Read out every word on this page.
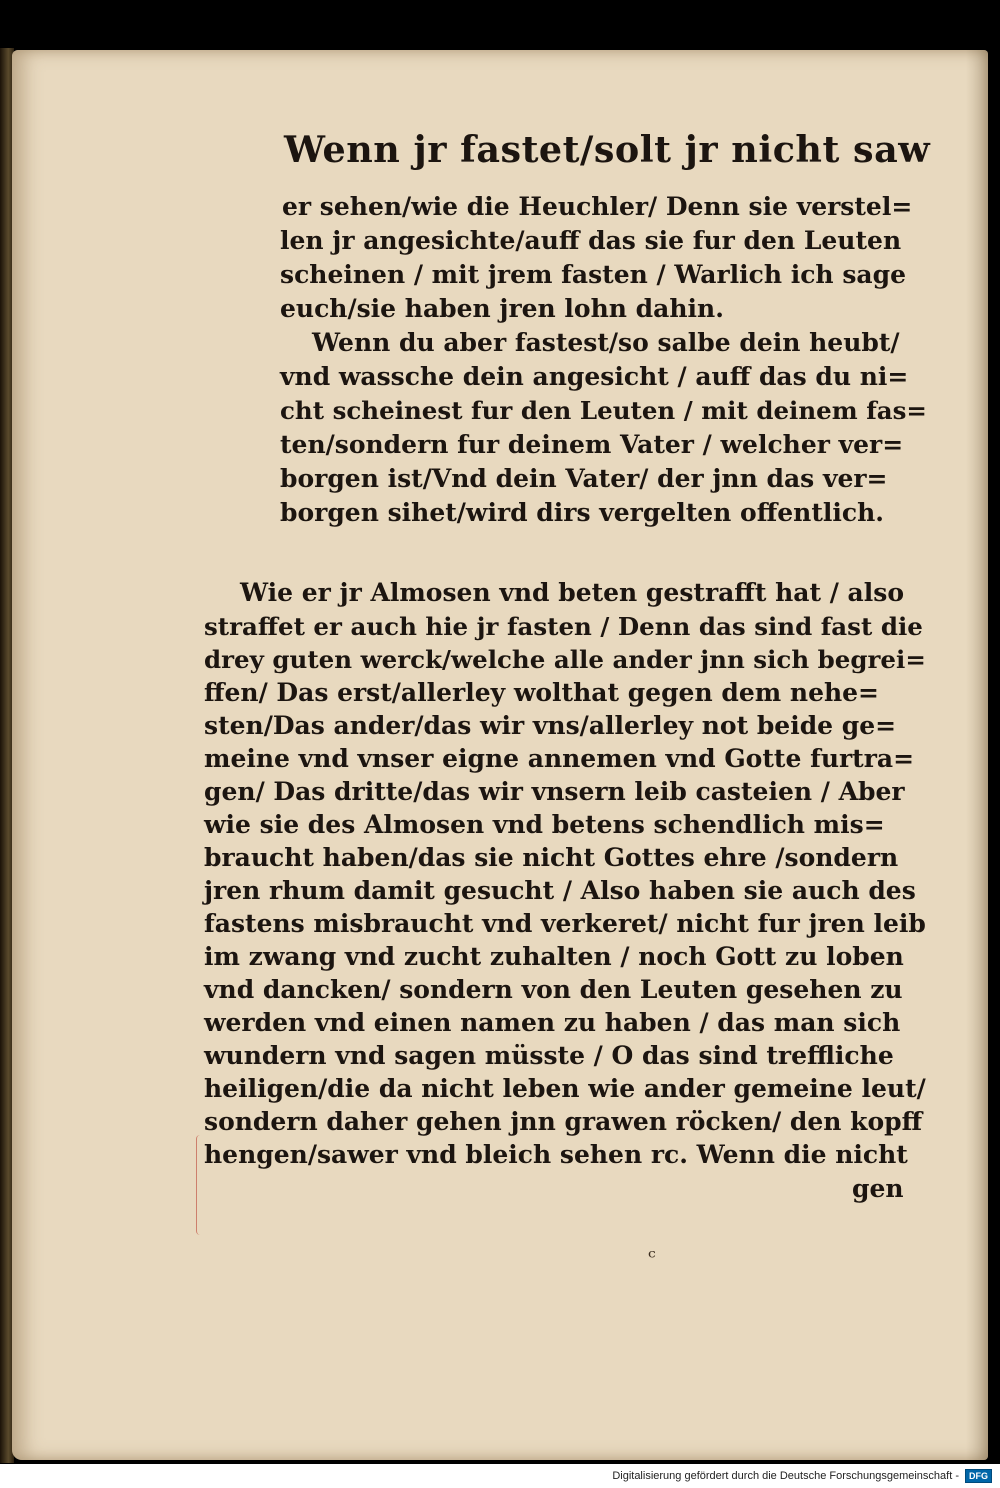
Wenn jr fastet/solt jr nicht saw
er sehen/wie die Heuchler/ Denn sie verstel=
len jr angesichte/auff das sie fur den Leuten
scheinen / mit jrem fasten / Warlich ich sage
euch/sie haben jren lohn dahin.
Wenn du aber fastest/so salbe dein heubt/
vnd wassche dein angesicht / auff das du ni=
cht scheinest fur den Leuten / mit deinem fas=
ten/sondern fur deinem Vater / welcher ver=
borgen ist/Vnd dein Vater/ der jnn das ver=
borgen sihet/wird dirs vergelten offentlich.
Wie er jr Almosen vnd beten gestrafft hat / also
straffet er auch hie jr fasten / Denn das sind fast die
drey guten werck/welche alle ander jnn sich begrei=
ffen/ Das erst/allerley wolthat gegen dem nehe=
sten/Das ander/das wir vns/allerley not beide ge=
meine vnd vnser eigne annemen vnd Gotte furtra=
gen/ Das dritte/das wir vnsern leib casteien / Aber
wie sie des Almosen vnd betens schendlich mis=
braucht haben/das sie nicht Gottes ehre /sondern
jren rhum damit gesucht / Also haben sie auch des
fastens misbraucht vnd verkeret/ nicht fur jren leib
im zwang vnd zucht zuhalten / noch Gott zu loben
vnd dancken/ sondern von den Leuten gesehen zu
werden vnd einen namen zu haben / das man sich
wundern vnd sagen müsste / O das sind treffliche
heiligen/die da nicht leben wie ander gemeine leut/
sondern daher gehen jnn grawen röcken/ den kopff
hengen/sawer vnd bleich sehen rc. Wenn die nicht
gen
ᶜ
Digitalisierung gefördert durch die Deutsche Forschungsgemeinschaft -	DFG
